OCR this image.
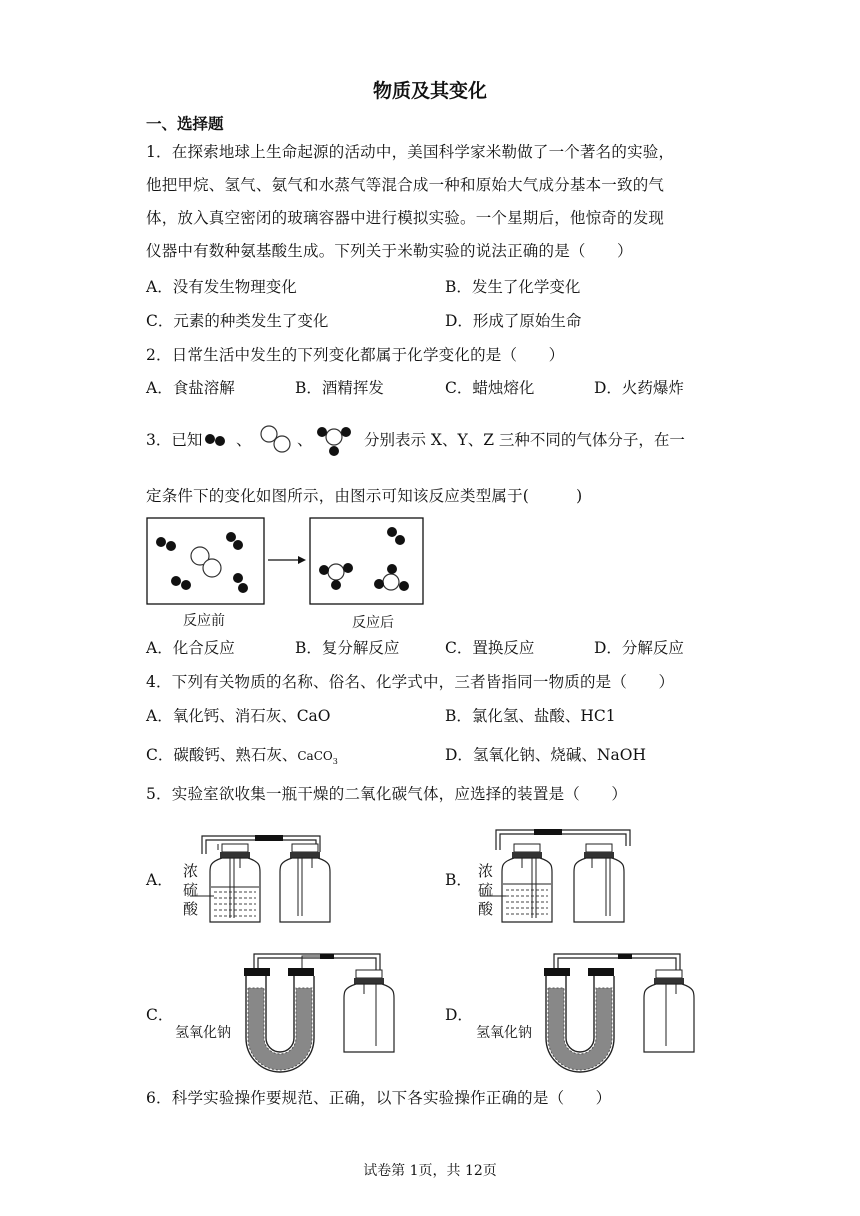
物质及其变化
一、选择题
1．在探索地球上生命起源的活动中，美国科学家米勒做了一个著名的实验，
他把甲烷、氢气、氨气和水蒸气等混合成一种和原始大气成分基本一致的气
体，放入真空密闭的玻璃容器中进行模拟实验。一个星期后，他惊奇的发现
仪器中有数种氨基酸生成。下列关于米勒实验的说法正确的是（　　）
A．没有发生物理变化	B．发生了化学变化
C．元素的种类发生了变化	D．形成了原始生命
2．日常生活中发生的下列变化都属于化学变化的是（　　）
A．食盐溶解	B．酒精挥发	C．蜡烛熔化	D．火药爆炸
3．已知 、	、	分别表示 X、Y、Z 三种不同的气体分子，在一
定条件下的变化如图所示，由图示可知该反应类型属于(　　　)
反应前	反应后
A．化合反应	B．复分解反应	C．置换反应	D．分解反应
4．下列有关物质的名称、俗名、化学式中，三者皆指同一物质的是（　　）
A．氧化钙、消石灰、CaO	B．氯化氢、盐酸、HC1
C．碳酸钙、熟石灰、CaCO$_3$	D．氢氧化钠、烧碱、NaOH
5．实验室欲收集一瓶干燥的二氧化碳气体，应选择的装置是（　　）
A．	B．
C．	D．
浓
硫
酸
浓
硫
酸
氢氧化钠	氢氧化钠
6．科学实验操作要规范、正确，以下各实验操作正确的是（　　）
试卷第 1页，共 12页
